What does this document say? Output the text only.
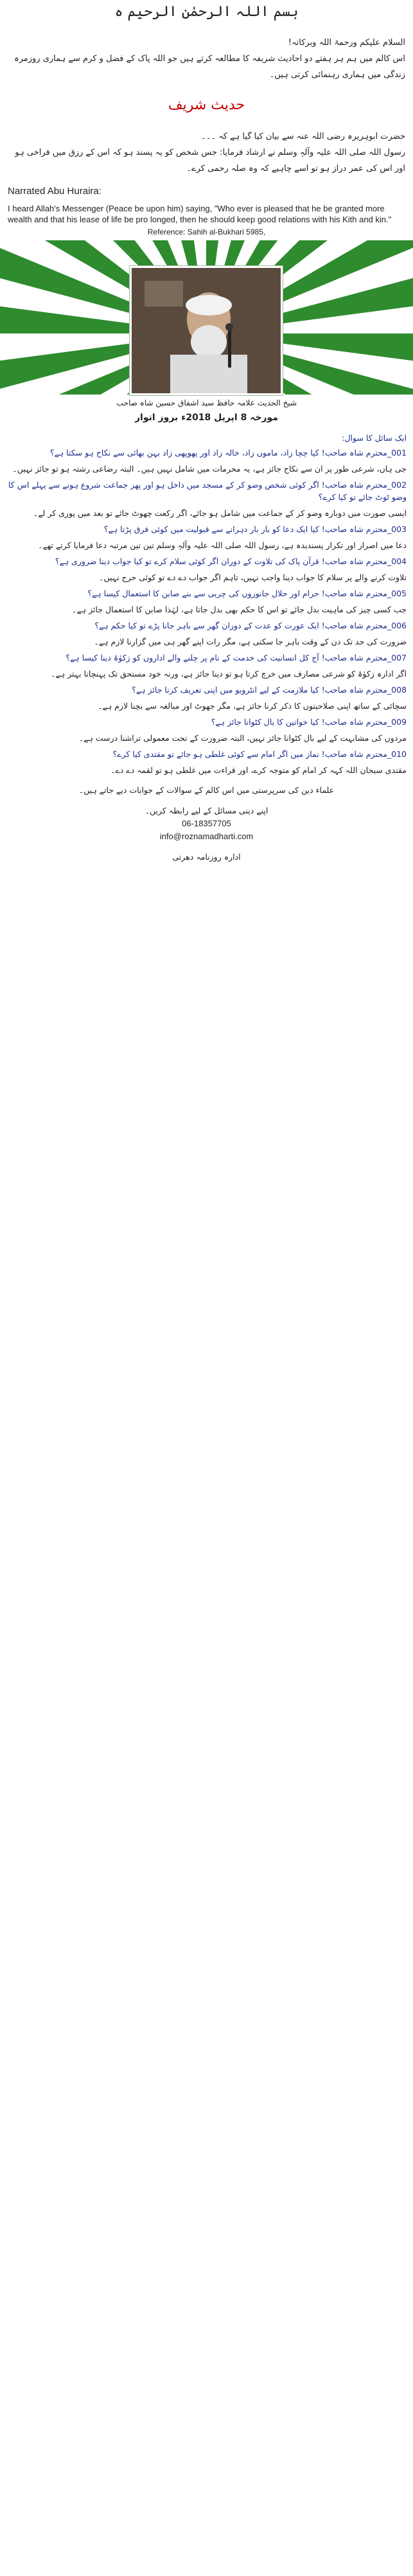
بسم اللہ الرحمٰن الرحیم ہ

السلام علیکم ورحمۃ اللہ وبرکاتہ!

اس کالم میں ہم ہر ہفتے دو احادیث شریفہ کا مطالعہ کرتے ہیں جو اللہ پاک کے فضل و کرم سے ہماری روزمرہ زندگی میں ہماری رہنمائی کرتی ہیں۔

حدیث شریف

حضرت ابوہریرہ رضی اللہ عنہ سے بیان کیا گیا ہے کہ ۔۔۔

رسول اللہ صلی اللہ علیہ وآلہٖ وسلم نے ارشاد فرمایا: جس شخص کو یہ پسند ہو کہ اس کے رزق میں فراخی ہو اور اس کی عمر دراز ہو تو اسے چاہیے کہ وہ صلہ رحمی کرے۔

Narrated Abu Huraira:

I heard Allah's Messenger (Peace be upon him) saying, "Who ever is pleased that he be granted more wealth and that his lease of life be pro longed, then he should keep good relations with his Kith and kin."

Reference: Sahih al-Bukhari 5985,
شیخ الحدیث علامہ حافظ سید اشفاق حسین شاہ صاحب
مورخہ 8 اپریل 2018ء بروز اتوار

ایک سائل کا سوال:

001_محترم شاہ صاحب! کیا چچا زاد، ماموں زاد، خالہ زاد اور پھوپھی زاد بہن بھائی سے نکاح ہو سکتا ہے؟

جی ہاں، شرعی طور پر ان سے نکاح جائز ہے، یہ محرمات میں شامل نہیں ہیں۔ البتہ رضاعی رشتہ ہو تو جائز نہیں۔

002_محترم شاہ صاحب! اگر کوئی شخص وضو کر کے مسجد میں داخل ہو اور پھر جماعت شروع ہونے سے پہلے اس کا وضو ٹوٹ جائے تو کیا کرے؟

ایسی صورت میں دوبارہ وضو کر کے جماعت میں شامل ہو جائے، اگر رکعت چھوٹ جائے تو بعد میں پوری کر لے۔

003_محترم شاہ صاحب! کیا ایک دعا کو بار بار دہرانے سے قبولیت میں کوئی فرق پڑتا ہے؟

دعا میں اصرار اور تکرار پسندیدہ ہے، رسول اللہ صلی اللہ علیہ وآلہٖ وسلم تین تین مرتبہ دعا فرمایا کرتے تھے۔

004_محترم شاہ صاحب! قرآن پاک کی تلاوت کے دوران اگر کوئی سلام کرے تو کیا جواب دینا ضروری ہے؟

تلاوت کرنے والے پر سلام کا جواب دینا واجب نہیں، تاہم اگر جواب دے دے تو کوئی حرج نہیں۔

005_محترم شاہ صاحب! حرام اور حلال جانوروں کی چربی سے بنے صابن کا استعمال کیسا ہے؟

جب کسی چیز کی ماہیت بدل جائے تو اس کا حکم بھی بدل جاتا ہے، لہٰذا صابن کا استعمال جائز ہے۔

006_محترم شاہ صاحب! ایک عورت کو عدت کے دوران گھر سے باہر جانا پڑے تو کیا حکم ہے؟

ضرورت کی حد تک دن کے وقت باہر جا سکتی ہے، مگر رات اپنے گھر ہی میں گزارنا لازم ہے۔

007_محترم شاہ صاحب! آج کل انسانیت کی خدمت کے نام پر چلنے والے اداروں کو زکوٰۃ دینا کیسا ہے؟

اگر ادارہ زکوٰۃ کو شرعی مصارف میں خرچ کرتا ہو تو دینا جائز ہے، ورنہ خود مستحق تک پہنچانا بہتر ہے۔

008_محترم شاہ صاحب! کیا ملازمت کے لیے انٹرویو میں اپنی تعریف کرنا جائز ہے؟

سچائی کے ساتھ اپنی صلاحیتوں کا ذکر کرنا جائز ہے، مگر جھوٹ اور مبالغہ سے بچنا لازم ہے۔

009_محترم شاہ صاحب! کیا خواتین کا بال کٹوانا جائز ہے؟

مردوں کی مشابہت کے لیے بال کٹوانا جائز نہیں، البتہ ضرورت کے تحت معمولی تراشنا درست ہے۔

010_محترم شاہ صاحب! نماز میں اگر امام سے کوئی غلطی ہو جائے تو مقتدی کیا کرے؟

مقتدی سبحان اللہ کہہ کر امام کو متوجہ کرے، اور قراءت میں غلطی ہو تو لقمہ دے دے۔

علماء دین کی سرپرستی میں اس کالم کے سوالات کے جوابات دیے جاتے ہیں۔
اپنے دینی مسائل کے لیے رابطہ کریں۔
06-18357705
info@roznamadharti.com
ادارہ روزنامہ دھرتی
